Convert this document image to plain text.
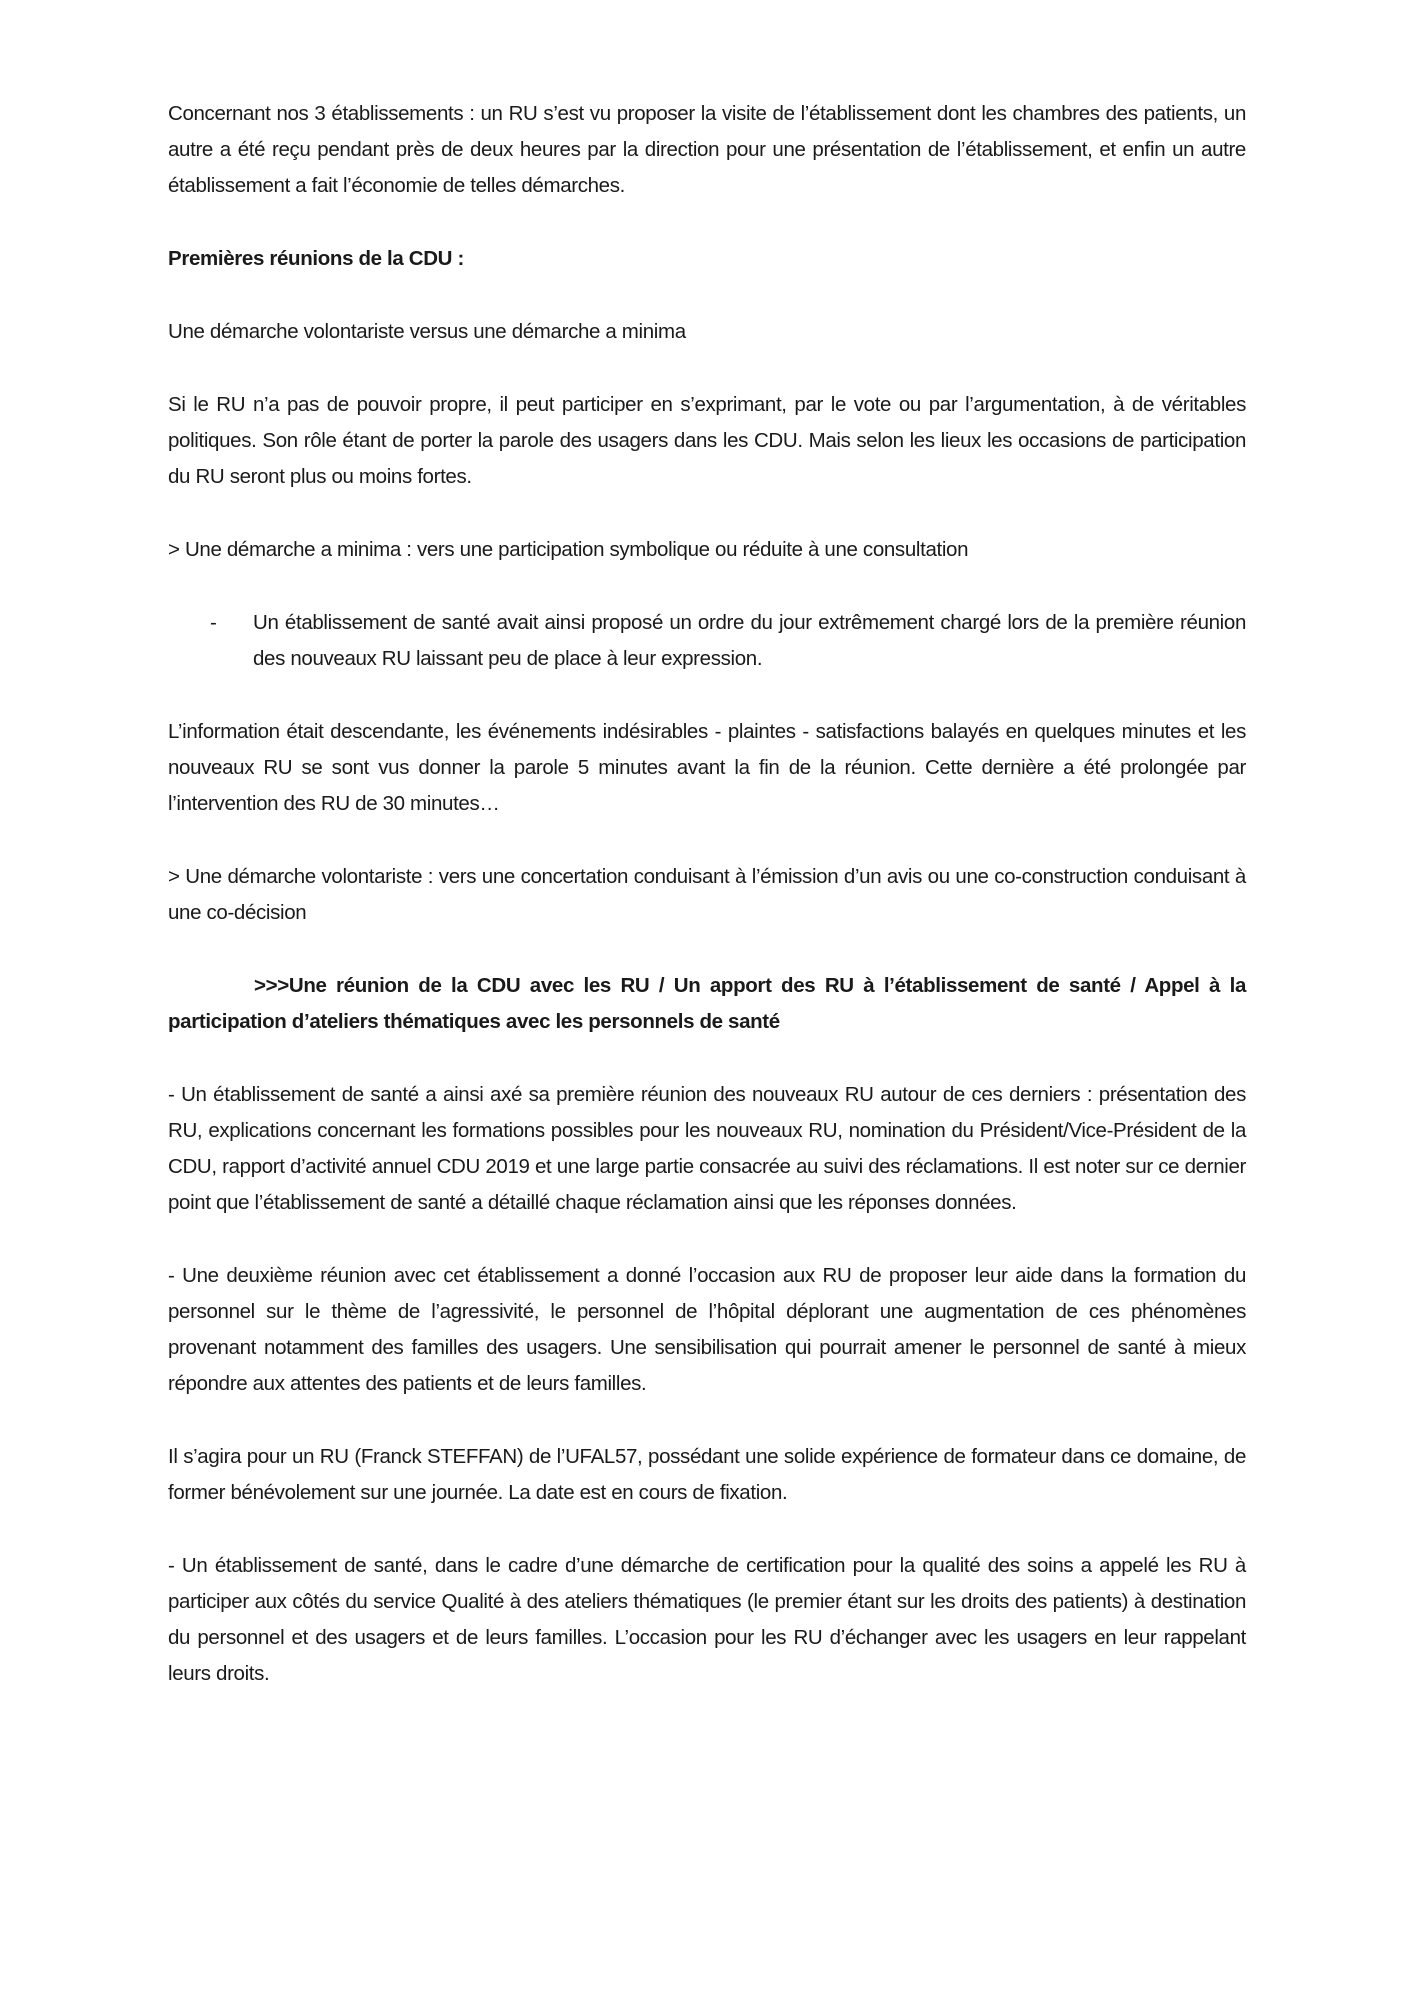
Concernant nos 3 établissements : un RU s’est vu proposer la visite de l’établissement dont les chambres des patients, un autre a été reçu pendant près de deux heures par la direction pour une présentation de l’établissement, et enfin un autre établissement a fait l’économie de telles démarches.

Premières réunions de la CDU :

Une démarche volontariste versus une démarche a minima

Si le RU n’a pas de pouvoir propre, il peut participer en s’exprimant, par le vote ou par l’argumentation, à de véritables politiques. Son rôle étant de porter la parole des usagers dans les CDU. Mais selon les lieux les occasions de participation du RU seront plus ou moins fortes.

> Une démarche a minima : vers une participation symbolique ou réduite à une consultation

- Un établissement de santé avait ainsi proposé un ordre du jour extrêmement chargé lors de la première réunion des nouveaux RU laissant peu de place à leur expression.

L’information était descendante, les événements indésirables - plaintes - satisfactions balayés en quelques minutes et les nouveaux RU se sont vus donner la parole 5 minutes avant la fin de la réunion. Cette dernière a été prolongée par l’intervention des RU de 30 minutes…

> Une démarche volontariste : vers une concertation conduisant à l’émission d’un avis ou une co-construction conduisant à une co-décision

>>>Une réunion de la CDU avec les RU / Un apport des RU à l’établissement de santé / Appel à la participation d’ateliers thématiques avec les personnels de santé

- Un établissement de santé a ainsi axé sa première réunion des nouveaux RU autour de ces derniers : présentation des RU, explications concernant les formations possibles pour les nouveaux RU, nomination du Président/Vice-Président de la CDU, rapport d’activité annuel CDU 2019 et une large partie consacrée au suivi des réclamations. Il est noter sur ce dernier point que l’établissement de santé a détaillé chaque réclamation ainsi que les réponses données.

- Une deuxième réunion avec cet établissement a donné l’occasion aux RU de proposer leur aide dans la formation du personnel sur le thème de l’agressivité, le personnel de l’hôpital déplorant une augmentation de ces phénomènes provenant notamment des familles des usagers. Une sensibilisation qui pourrait amener le personnel de santé à mieux répondre aux attentes des patients et de leurs familles.

Il s’agira pour un RU (Franck STEFFAN) de l’UFAL57, possédant une solide expérience de formateur dans ce domaine, de former bénévolement sur une journée. La date est en cours de fixation.

- Un établissement de santé, dans le cadre d’une démarche de certification pour la qualité des soins a appelé les RU à participer aux côtés du service Qualité à des ateliers thématiques (le premier étant sur les droits des patients) à destination du personnel et des usagers et de leurs familles. L’occasion pour les RU d’échanger avec les usagers en leur rappelant leurs droits.
